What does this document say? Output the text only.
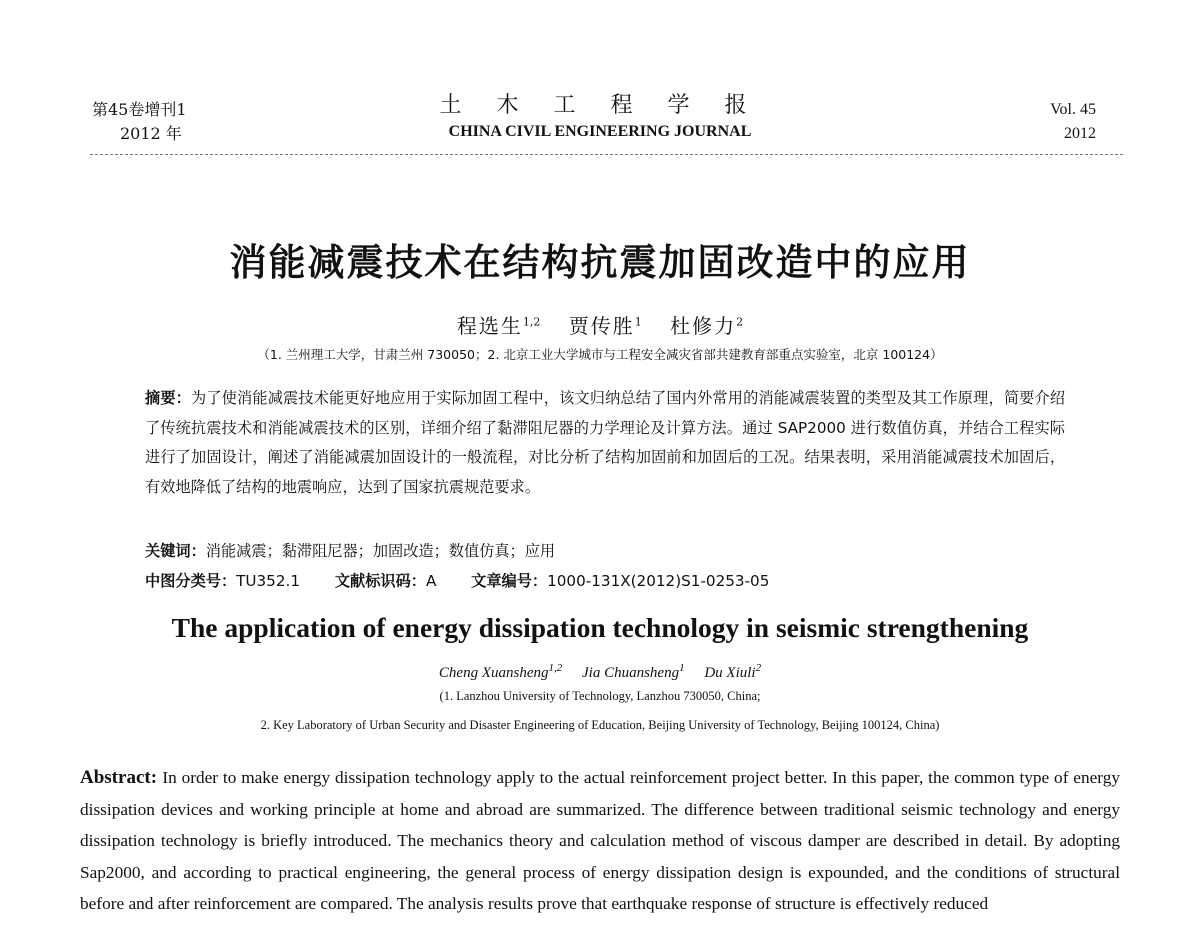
第45卷增刊1
2012 年
土 木 工 程 学 报
CHINA CIVIL ENGINEERING JOURNAL
Vol. 45
2012
消能减震技术在结构抗震加固改造中的应用
程选生$^{1,2}$ 贾传胜$^1$ 杜修力$^2$
（1. 兰州理工大学，甘肃兰州 730050；2. 北京工业大学城市与工程安全减灾省部共建教育部重点实验室，北京 100124）
摘要：为了使消能减震技术能更好地应用于实际加固工程中，该文归纳总结了国内外常用的消能减震装置的类型及其工作原理，简要介绍了传统抗震技术和消能减震技术的区别，详细介绍了黏滞阻尼器的力学理论及计算方法。通过 SAP2000 进行数值仿真，并结合工程实际进行了加固设计，阐述了消能减震加固设计的一般流程，对比分析了结构加固前和加固后的工况。结果表明，采用消能减震技术加固后，有效地降低了结构的地震响应，达到了国家抗震规范要求。
关键词：消能减震；黏滞阻尼器；加固改造；数值仿真；应用
中图分类号：TU352.1 文献标识码：A 文章编号：1000-131X(2012)S1-0253-05
The application of energy dissipation technology in seismic strengthening
Cheng Xuansheng$^{1,2}$ Jia Chuansheng$^1$ Du Xiuli$^2$
(1. Lanzhou University of Technology, Lanzhou 730050, China;
2. Key Laboratory of Urban Security and Disaster Engineering of Education, Beijing University of Technology, Beijing 100124, China)
Abstract: In order to make energy dissipation technology apply to the actual reinforcement project better. In this paper, the common type of energy dissipation devices and working principle at home and abroad are summarized. The difference between traditional seismic technology and energy dissipation technology is briefly introduced. The mechanics theory and calculation method of viscous damper are described in detail. By adopting Sap2000, and according to practical engineering, the general process of energy dissipation design is expounded, and the conditions of structural before and after reinforcement are compared. The analysis results prove that earthquake response of structure is effectively reduced
